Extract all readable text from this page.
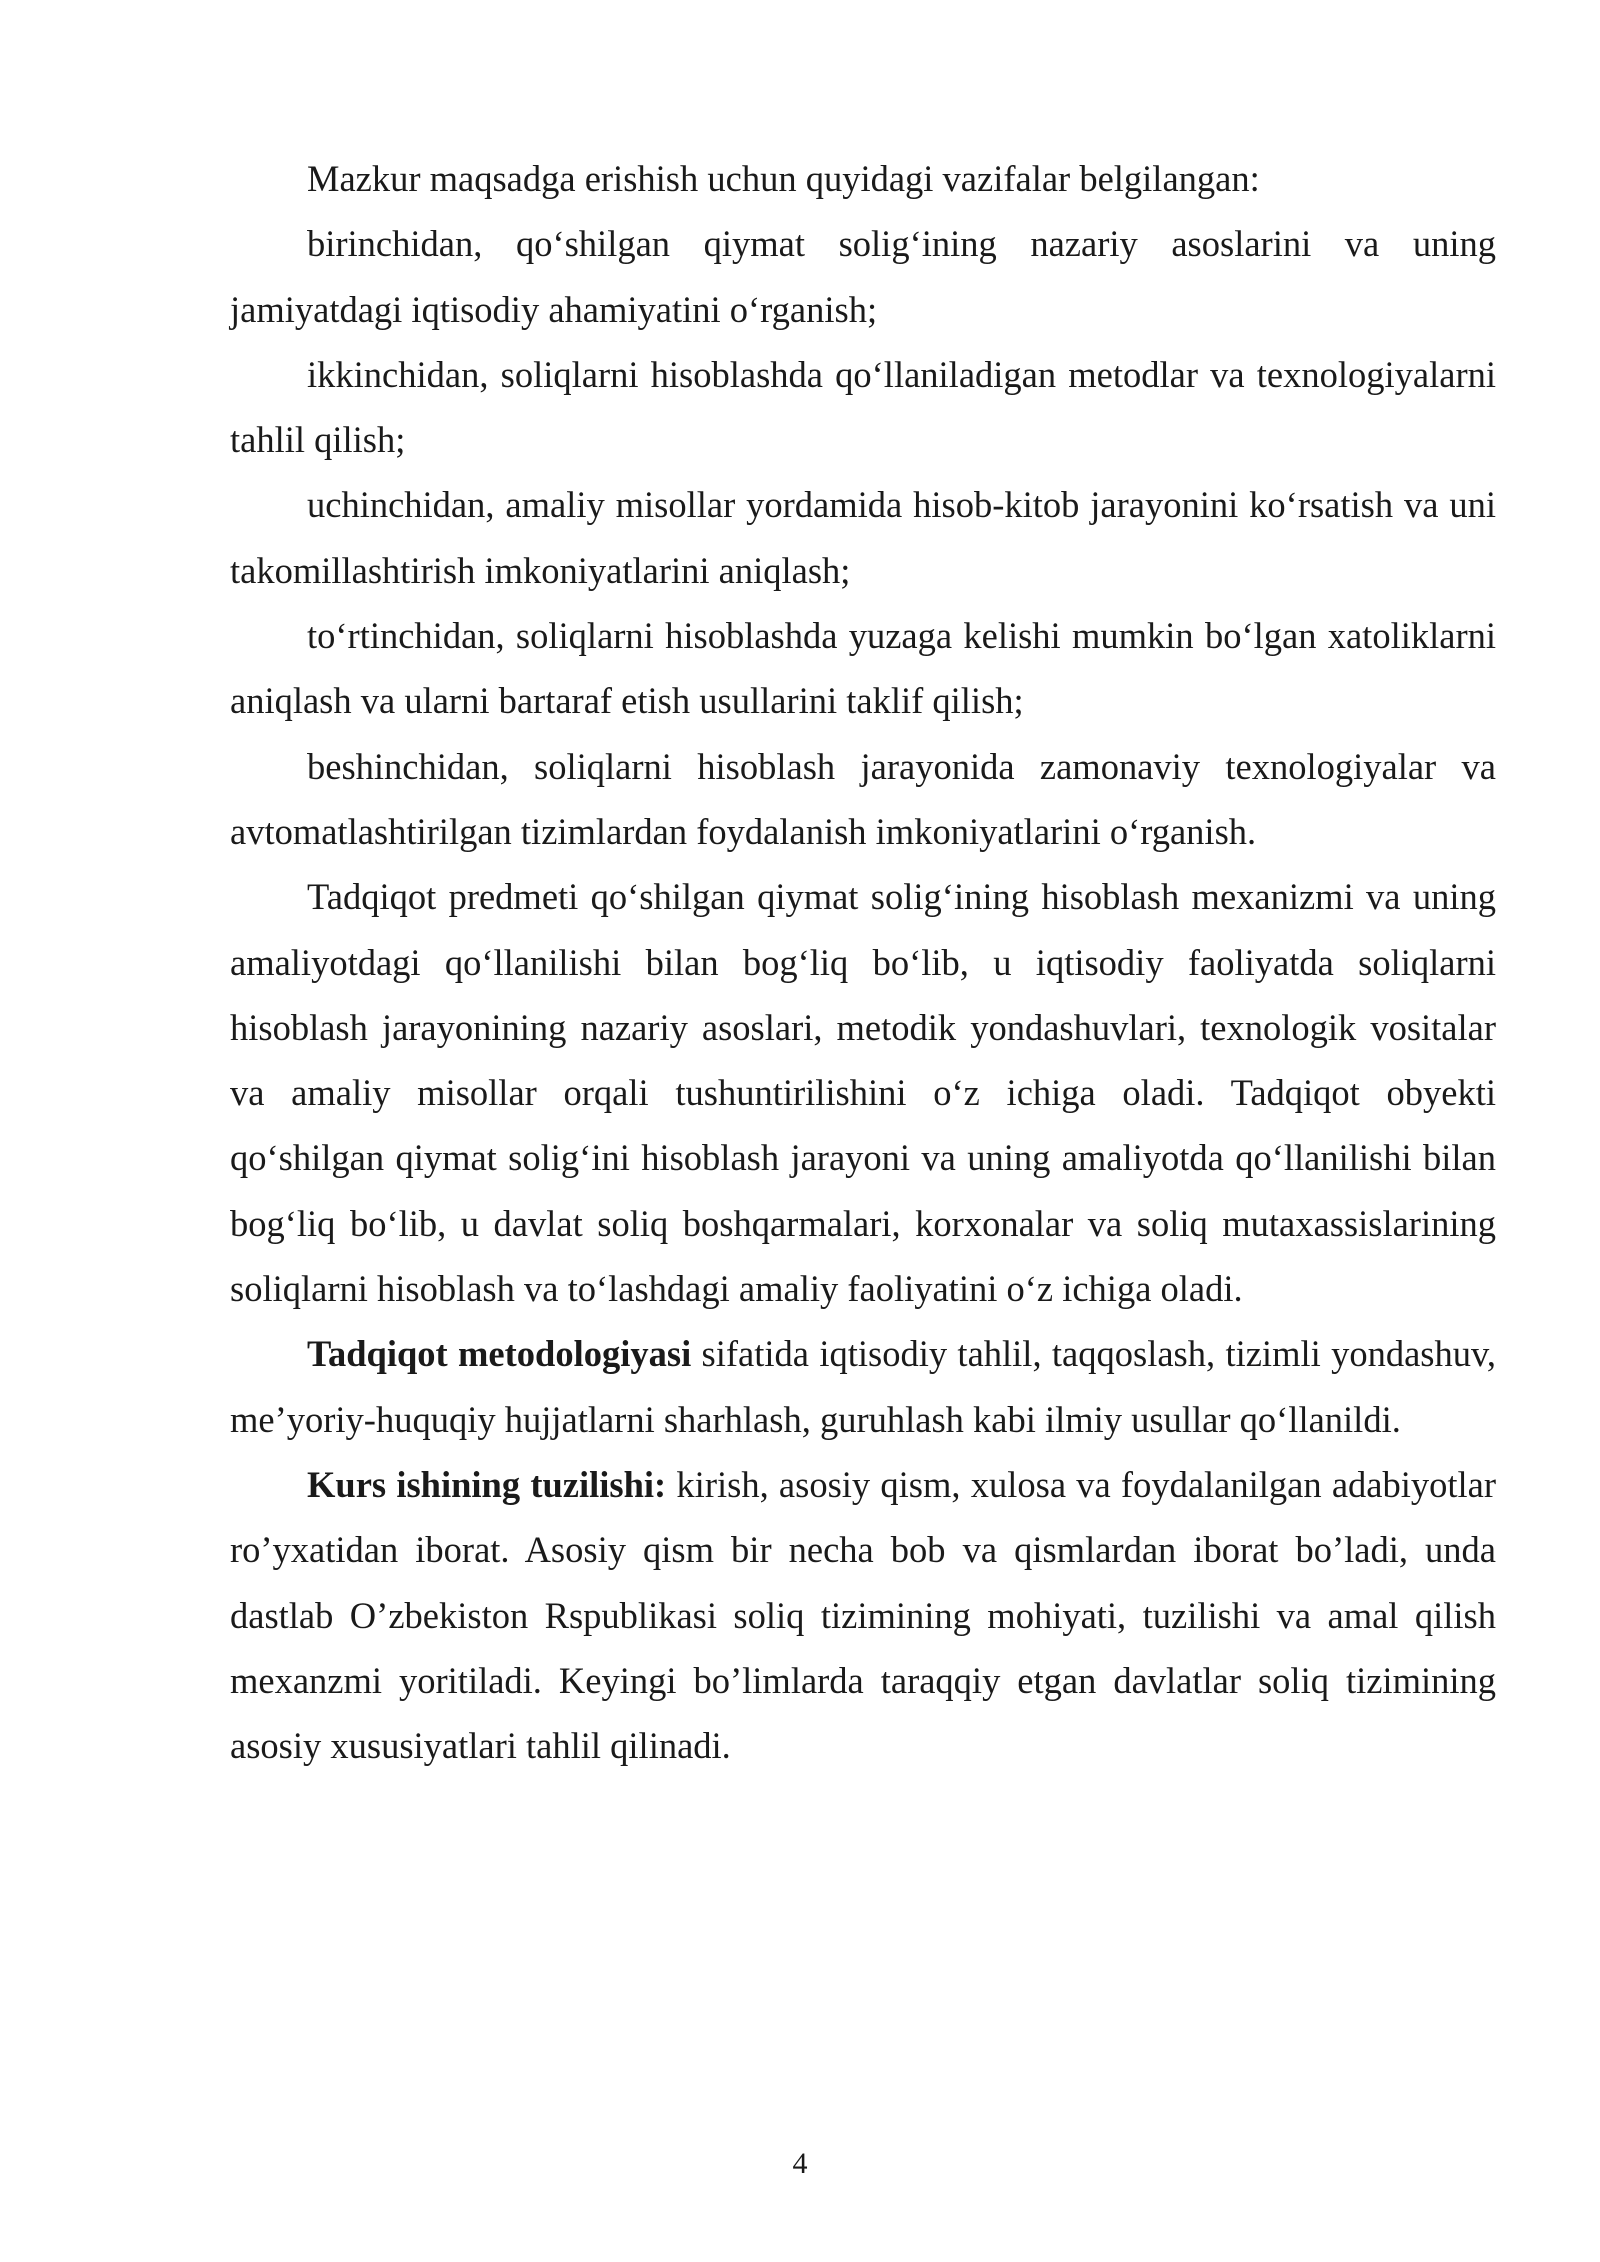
Mazkur maqsadga erishish uchun quyidagi vazifalar belgilangan:

birinchidan, qo‘shilgan qiymat solig‘ining nazariy asoslarini va uning jamiyatdagi iqtisodiy ahamiyatini o‘rganish;

ikkinchidan, soliqlarni hisoblashda qo‘llaniladigan metodlar va texnologiyalarni tahlil qilish;

uchinchidan, amaliy misollar yordamida hisob-kitob jarayonini ko‘rsatish va uni takomillashtirish imkoniyatlarini aniqlash;

to‘rtinchidan, soliqlarni hisoblashda yuzaga kelishi mumkin bo‘lgan xatoliklarni aniqlash va ularni bartaraf etish usullarini taklif qilish;

beshinchidan, soliqlarni hisoblash jarayonida zamonaviy texnologiyalar va avtomatlashtirilgan tizimlardan foydalanish imkoniyatlarini o‘rganish.

Tadqiqot predmeti qo‘shilgan qiymat solig‘ining hisoblash mexanizmi va uning amaliyotdagi qo‘llanilishi bilan bog‘liq bo‘lib, u iqtisodiy faoliyatda soliqlarni hisoblash jarayonining nazariy asoslari, metodik yondashuvlari, texnologik vositalar va amaliy misollar orqali tushuntirilishini o‘z ichiga oladi. Tadqiqot obyekti qo‘shilgan qiymat solig‘ini hisoblash jarayoni va uning amaliyotda qo‘llanilishi bilan bog‘liq bo‘lib, u davlat soliq boshqarmalari, korxonalar va soliq mutaxassislarining soliqlarni hisoblash va to‘lashdagi amaliy faoliyatini o‘z ichiga oladi.

Tadqiqot metodologiyasi sifatida iqtisodiy tahlil, taqqoslash, tizimli yondashuv, me’yoriy-huquqiy hujjatlarni sharhlash, guruhlash kabi ilmiy usullar qo‘llanildi.

Kurs ishining tuzilishi: kirish, asosiy qism, xulosa va foydalanilgan adabiyotlar ro’yxatidan iborat. Asosiy qism bir necha bob va qismlardan iborat bo’ladi, unda dastlab O’zbekiston Rspublikasi soliq tizimining mohiyati, tuzilishi va amal qilish mexanzmi yoritiladi. Keyingi bo’limlarda taraqqiy etgan davlatlar soliq tizimining asosiy xususiyatlari tahlil qilinadi.

4
